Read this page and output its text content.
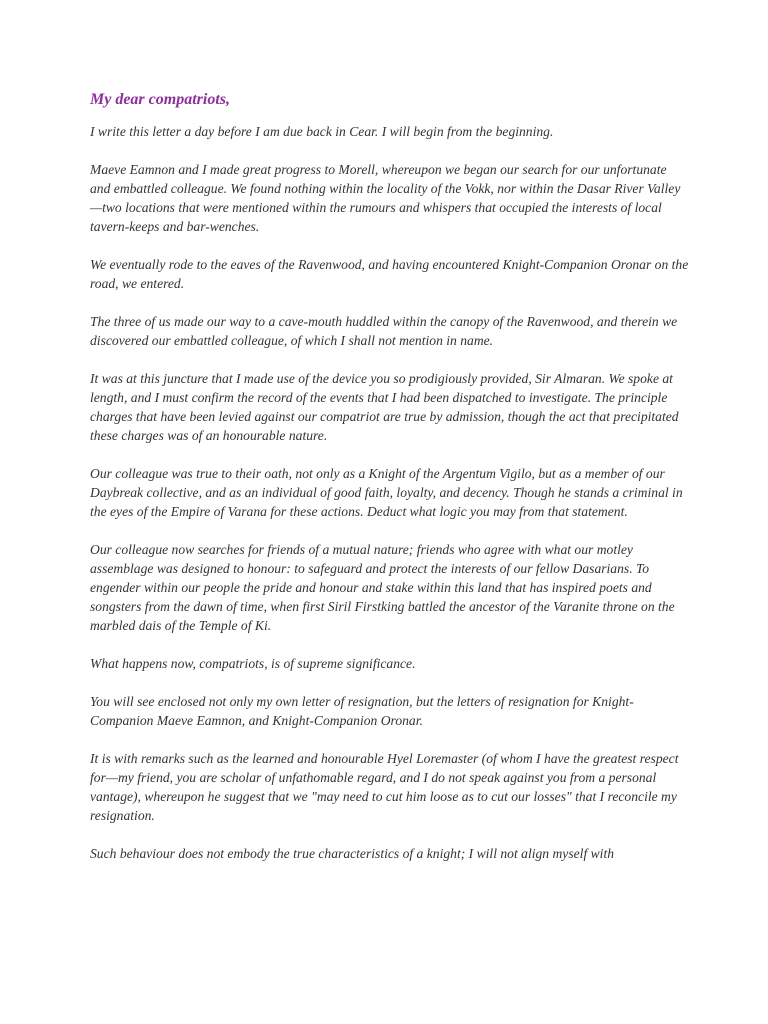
My dear compatriots,

I write this letter a day before I am due back in Cear. I will begin from the beginning.

Maeve Eamnon and I made great progress to Morell, whereupon we began our search for our unfortunate and embattled colleague. We found nothing within the locality of the Vokk, nor within the Dasar River Valley—two locations that were mentioned within the rumours and whispers that occupied the interests of local tavern-keeps and bar-wenches.

We eventually rode to the eaves of the Ravenwood, and having encountered Knight-Companion Oronar on the road, we entered.

The three of us made our way to a cave-mouth huddled within the canopy of the Ravenwood, and therein we discovered our embattled colleague, of which I shall not mention in name.

It was at this juncture that I made use of the device you so prodigiously provided, Sir Almaran. We spoke at length, and I must confirm the record of the events that I had been dispatched to investigate. The principle charges that have been levied against our compatriot are true by admission, though the act that precipitated these charges was of an honourable nature.

Our colleague was true to their oath, not only as a Knight of the Argentum Vigilo, but as a member of our Daybreak collective, and as an individual of good faith, loyalty, and decency. Though he stands a criminal in the eyes of the Empire of Varana for these actions. Deduct what logic you may from that statement.

Our colleague now searches for friends of a mutual nature; friends who agree with what our motley assemblage was designed to honour: to safeguard and protect the interests of our fellow Dasarians. To engender within our people the pride and honour and stake within this land that has inspired poets and songsters from the dawn of time, when first Siril Firstking battled the ancestor of the Varanite throne on the marbled dais of the Temple of Ki.

What happens now, compatriots, is of supreme significance.

You will see enclosed not only my own letter of resignation, but the letters of resignation for Knight-Companion Maeve Eamnon, and Knight-Companion Oronar.

It is with remarks such as the learned and honourable Hyel Loremaster (of whom I have the greatest respect for—my friend, you are scholar of unfathomable regard, and I do not speak against you from a personal vantage), whereupon he suggest that we "may need to cut him loose as to cut our losses" that I reconcile my resignation.

Such behaviour does not embody the true characteristics of a knight; I will not align myself with
